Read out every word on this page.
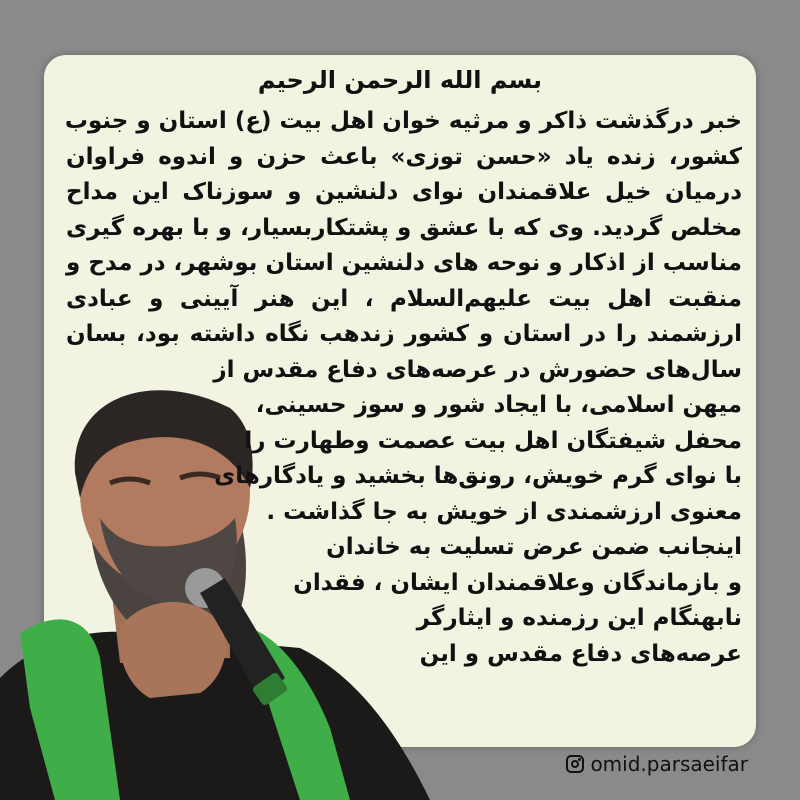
بسم الله الرحمن الرحیم
خبر درگذشت ذاکر و مرثیه خوان اهل بیت (ع) استان و جنوب
کشور، زنده یاد «حسن توزی» باعث حزن و اندوه فراوان
درمیان خیل علاقمندان نوای دلنشین و سوزناک این مداح
مخلص گردید. وی که با عشق و پشتکاربسیار، و با بهره گیری
مناسب از اذکار و نوحه های دلنشین استان بوشهر، در مدح و
منقبت اهل بیت علیهم‌السلام ، این هنر آیینی و عبادی
ارزشمند را در استان و کشور زندهب نگاه داشته بود، بسان
سال‌های حضورش در عرصه‌های دفاع مقدس از
میهن اسلامی، با ایجاد شور و سوز حسینی،
محفل شیفتگان اهل بیت عصمت وطهارت را
با نوای گرم خویش، رونق‌ها بخشید و یادگارهای
معنوی ارزشمندی از خویش به جا گذاشت .
اینجانب ضمن عرض تسلیت به خاندان
و بازماندگان وعلاقمندان ایشان ، فقدان
نابهنگام این رزمنده و ایثارگر
عرصه‌های دفاع مقدس و این
omid.parsaeifar
